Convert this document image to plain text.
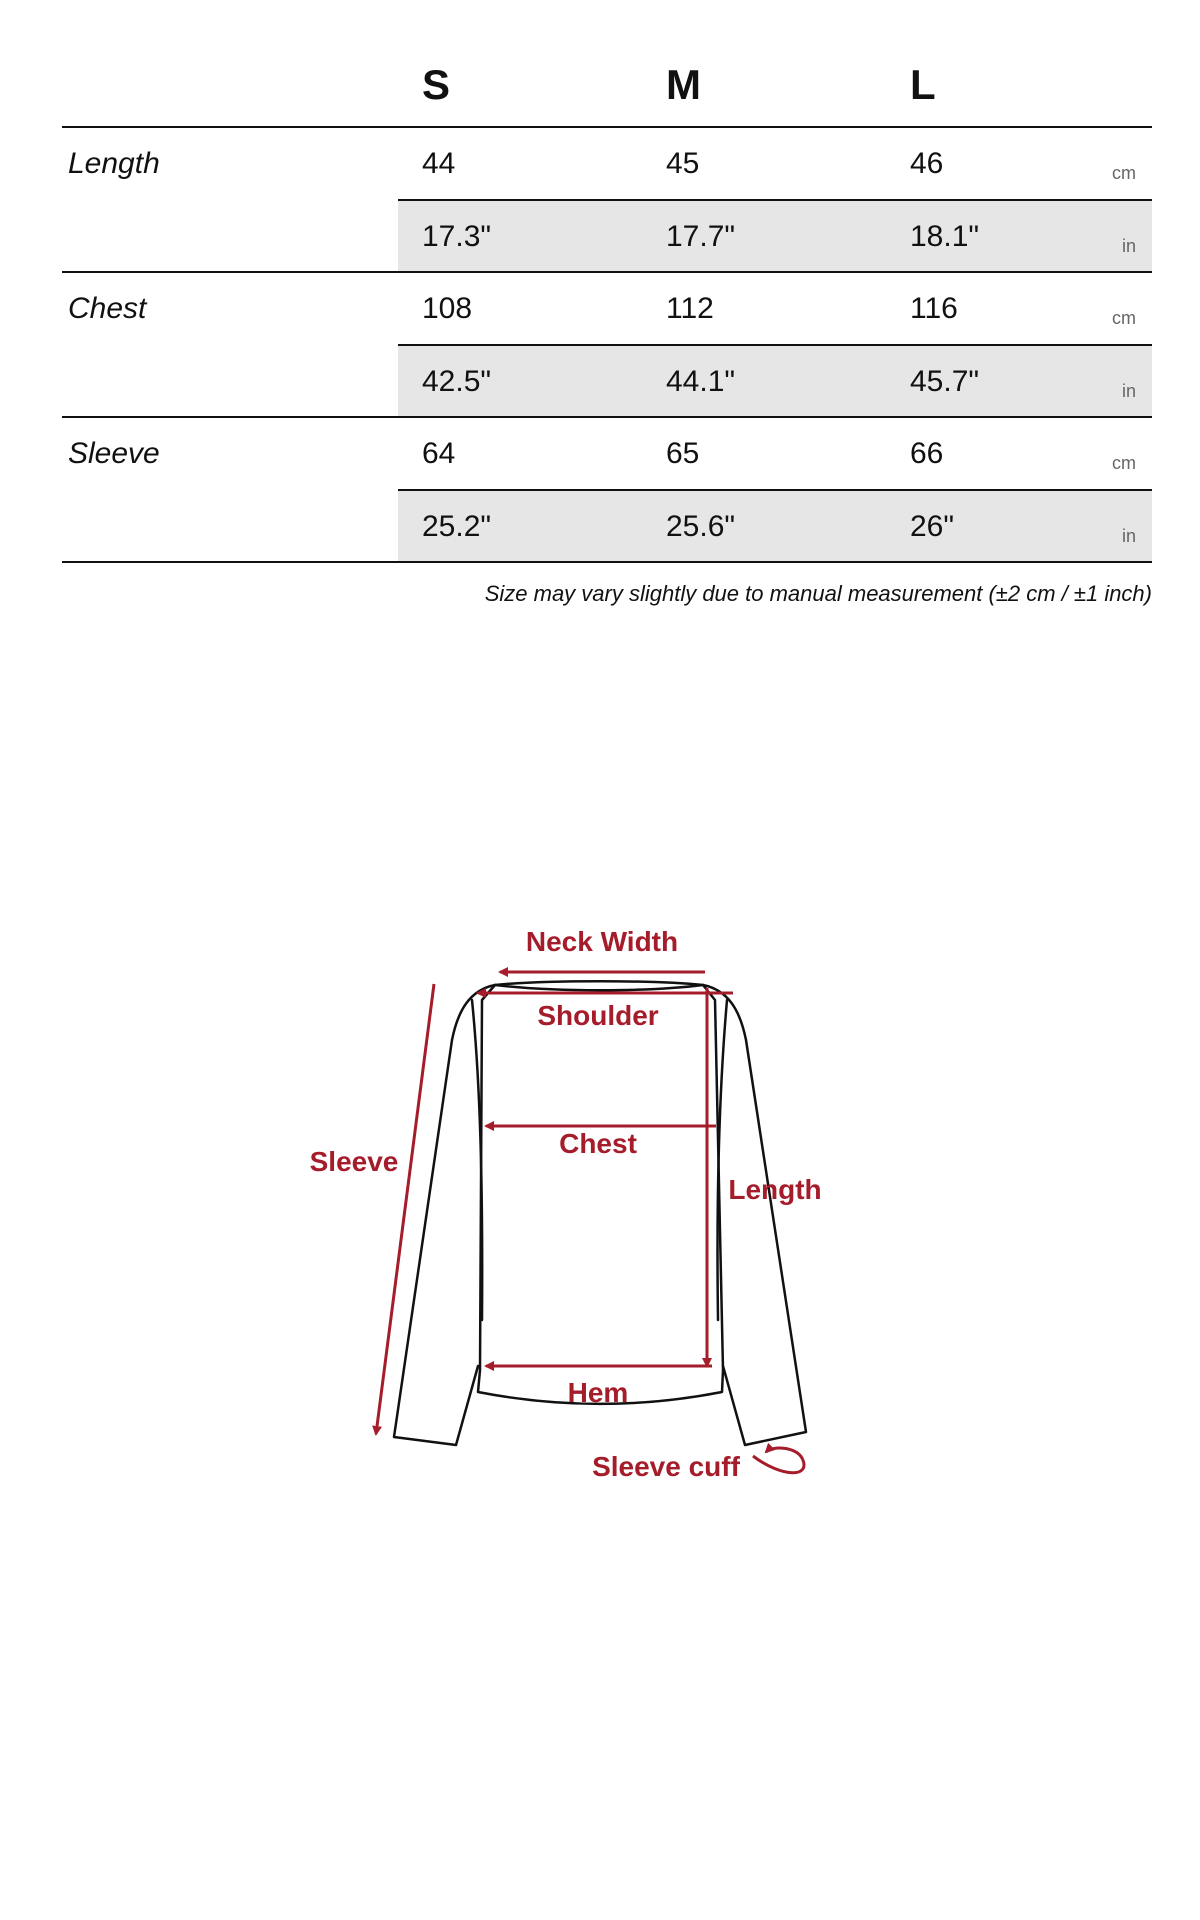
S	M	L
Length	44	45	46	cm
17.3"	17.7"	18.1"	in
Chest	108	112	116	cm
42.5"	44.1"	45.7"	in
Sleeve	64	65	66	cm
25.2"	25.6"	26"	in
Size may vary slightly due to manual measurement (±2 cm / ±1 inch)
Neck Width
Shoulder
Chest
Sleeve
Length
Hem
Sleeve cuff
